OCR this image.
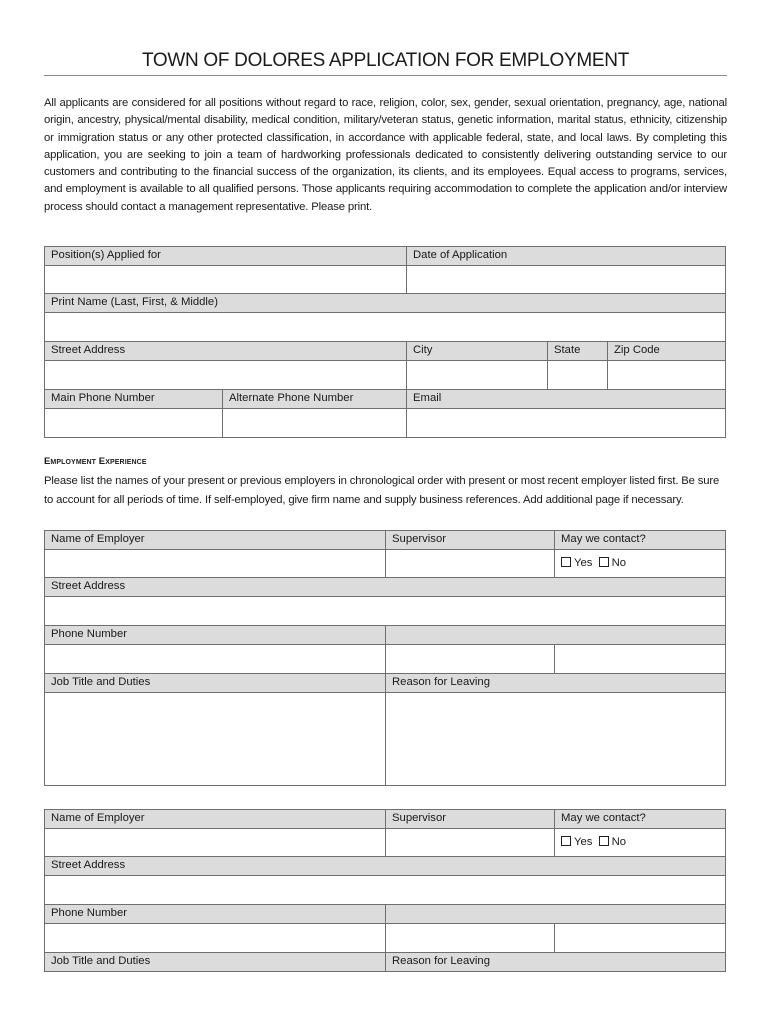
TOWN OF DOLORES APPLICATION FOR EMPLOYMENT

All applicants are considered for all positions without regard to race, religion, color, sex, gender, sexual orientation, pregnancy, age, national origin, ancestry, physical/mental disability, medical condition, military/veteran status, genetic information, marital status, ethnicity, citizenship or immigration status or any other protected classification, in accordance with applicable federal, state, and local laws. By completing this application, you are seeking to join a team of hardworking professionals dedicated to consistently delivering outstanding service to our customers and contributing to the financial success of the organization, its clients, and its employees. Equal access to programs, services, and employment is available to all qualified persons. Those applicants requiring accommodation to complete the application and/or interview process should contact a management representative. Please print.

Position(s) Applied for	Date of Application
Print Name (Last, First, & Middle)
Street Address	City	State	Zip Code
Main Phone Number	Alternate Phone Number	Email
Employment Experience

Please list the names of your present or previous employers in chronological order with present or most recent employer listed first. Be sure to account for all periods of time. If self-employed, give firm name and supply business references. Add additional page if necessary.

Name of Employer	Supervisor	May we contact?
Yes No
Street Address
Phone Number
Job Title and Duties	Reason for Leaving
Name of Employer	Supervisor	May we contact?
Yes No
Street Address
Phone Number
Job Title and Duties	Reason for Leaving
